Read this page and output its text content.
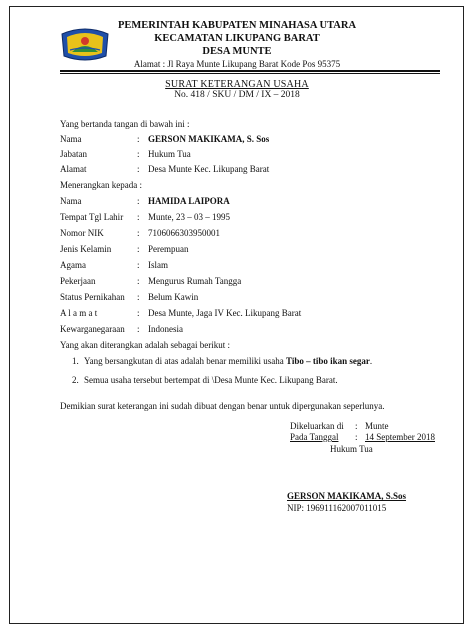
PEMERINTAH KABUPATEN MINAHASA UTARA
KECAMATAN LIKUPANG BARAT
DESA MUNTE
Alamat : Jl Raya Munte Likupang Barat Kode Pos 95375
SURAT KETERANGAN USAHA
No. 418 / SKU / DM / IX – 2018
Yang bertanda tangan di bawah ini :
Nama	: GERSON MAKIKAMA, S. Sos
Jabatan	: Hukum Tua
Alamat	: Desa Munte Kec. Likupang Barat
Menerangkan kepada :
Nama	: HAMIDA LAIPORA
Tempat Tgl Lahir : Munte, 23 – 03 – 1995
Nomor NIK	: 7106066303950001
Jenis Kelamin	: Perempuan
Agama	: Islam
Pekerjaan	: Mengurus Rumah Tangga
Status Pernikahan : Belum Kawin
A l a m a t	: Desa Munte, Jaga IV Kec. Likupang Barat
Kewarganegaraan : Indonesia
Yang akan diterangkan adalah sebagai berikut :
1. Yang bersangkutan di atas adalah benar memiliki usaha Tibo – tibo ikan segar.
2. Semua usaha tersebut bertempat di \Desa Munte Kec. Likupang Barat.
Demikian surat keterangan ini sudah dibuat dengan benar untuk dipergunakan seperlunya.
Dikeluarkan di : Munte
Pada Tanggal : 14 September 2018
Hukum Tua
GERSON MAKIKAMA, S.Sos
NIP: 196911162007011015
